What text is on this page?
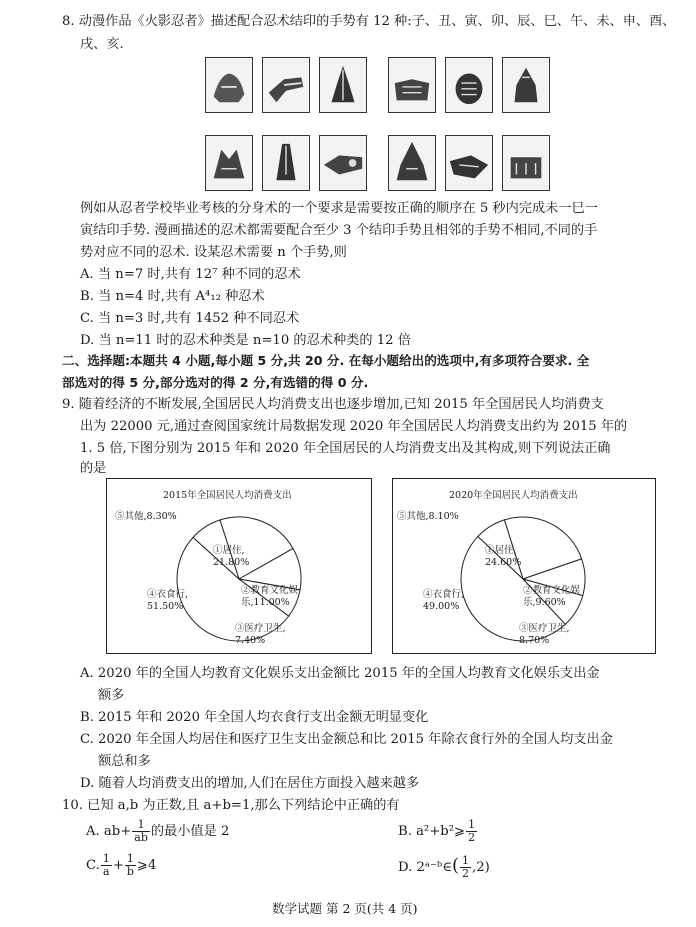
8. 动漫作品《火影忍者》描述配合忍术结印的手势有 12 种:子、丑、寅、卯、辰、巳、午、未、申、酉、
戌、亥.
例如从忍者学校毕业考核的分身术的一个要求是需要按正确的顺序在 5 秒内完成未一巳一
寅结印手势. 漫画描述的忍术都需要配合至少 3 个结印手势且相邻的手势不相同,不同的手
势对应不同的忍术. 设某忍术需要 n 个手势,则
A. 当 n=7 时,共有 12⁷ 种不同的忍术
B. 当 n=4 时,共有 A⁴₁₂ 种忍术
C. 当 n=3 时,共有 1452 种不同忍术
D. 当 n=11 时的忍术种类是 n=10 的忍术种类的 12 倍
二、选择题:本题共 4 小题,每小题 5 分,共 20 分. 在每小题给出的选项中,有多项符合要求. 全
部选对的得 5 分,部分选对的得 2 分,有选错的得 0 分.
9. 随着经济的不断发展,全国居民人均消费支出也逐步增加,已知 2015 年全国居民人均消费支
出为 22000 元,通过查阅国家统计局数据发现 2020 年全国居民人均消费支出约为 2015 年的
1. 5 倍,下图分别为 2015 年和 2020 年全国居民的人均消费支出及其构成,则下列说法正确
的是
2015年全国居民人均消费支出
⑤其他,8.30%
①居住,
21.80%
④衣食行,
51.50%
②教育文化娱
乐,11.00%
③医疗卫生,
7.40%
2020年全国居民人均消费支出
⑤其他,8.10%
①居住,
24.60%
④衣食行,
49.00%
②教育文化娱
乐,9.60%
③医疗卫生,
8.70%
A. 2020 年的全国人均教育文化娱乐支出金额比 2015 年的全国人均教育文化娱乐支出金
额多
B. 2015 年和 2020 年全国人均衣食行支出金额无明显变化
C. 2020 年全国人均居住和医疗卫生支出金额总和比 2015 年除衣食行外的全国人均支出金
额总和多
D. 随着人均消费支出的增加,人们在居住方面投入越来越多
10. 已知 a,b 为正数,且 a+b=1,那么下列结论中正确的有
A. $ab+ \frac{1}{ab}$ 的最小值是 2	B. a²+b²⩾ $\frac{1}{2}$
C. $\frac{1}{a} + \frac{1}{b}$ ⩾4	D. 2ᵃ⁻ᵇ∈( $\frac{1}{2} ,2$)
数学试题 第 2 页(共 4 页)
